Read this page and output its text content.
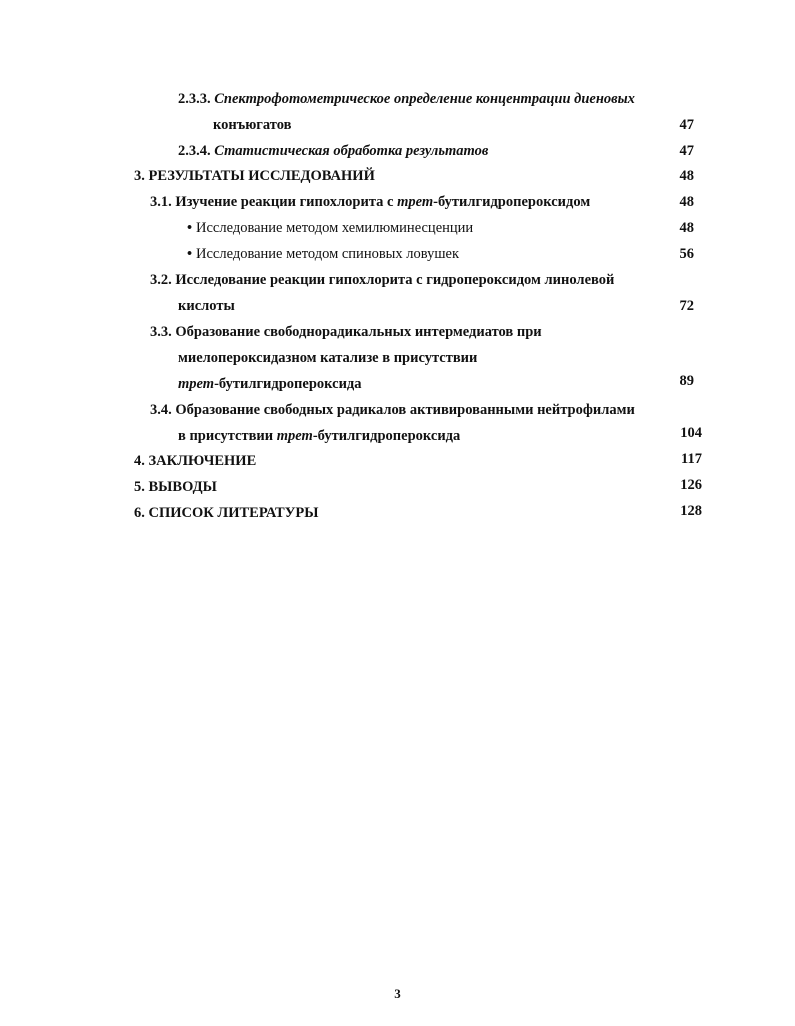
2.3.3. Спектрофотометрическое определение концентрации диеновых
конъюгатов	47
2.3.4. Статистическая обработка результатов	47
3. РЕЗУЛЬТАТЫ ИССЛЕДОВАНИЙ	48
3.1. Изучение реакции гипохлорита с трет-бутилгидропероксидом	48
• Исследование методом хемилюминесценции	48
• Исследование методом спиновых ловушек	56
3.2. Исследование реакции гипохлорита с гидропероксидом линолевой
кислоты	72
3.3. Образование свободнорадикальных интермедиатов при
миелопероксидазном катализе в присутствии
трет-бутилгидропероксида	89
3.4. Образование свободных радикалов активированными нейтрофилами
в присутствии трет-бутилгидропероксида	104
4. ЗАКЛЮЧЕНИЕ	117
5. ВЫВОДЫ	126
6. СПИСОК ЛИТЕРАТУРЫ	128
3
